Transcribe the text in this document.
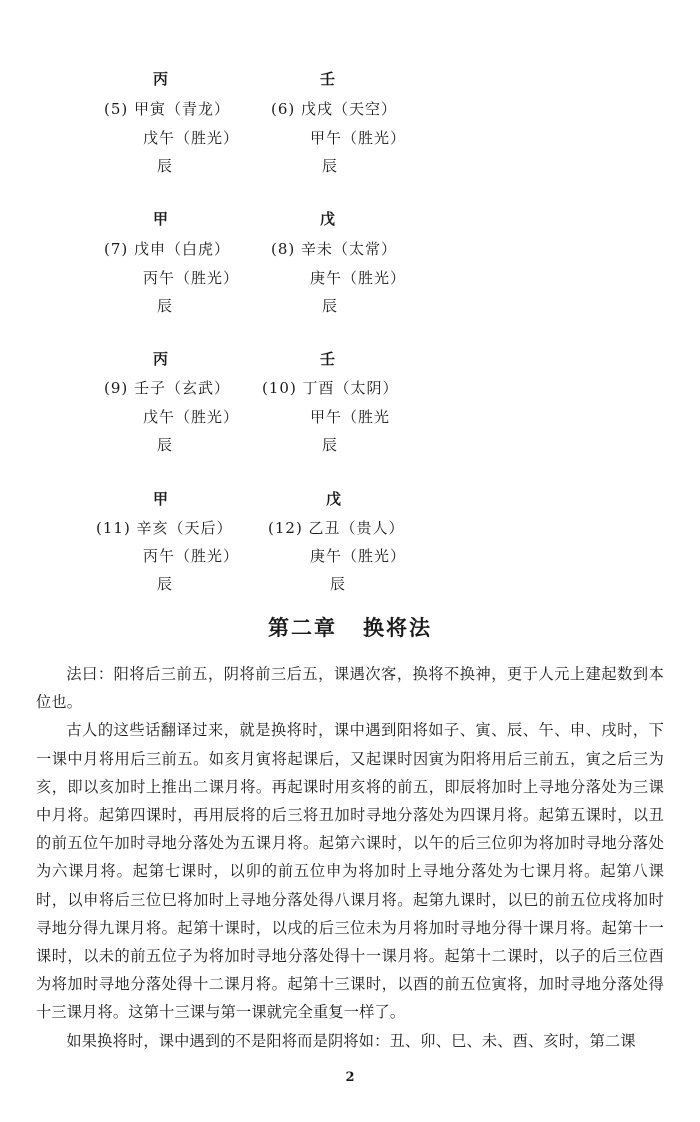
丙
(5) 甲寅（青龙）
戊午（胜光）
辰
壬
(6) 戊戌（天空）
甲午（胜光）
辰
甲
(7) 戊申（白虎）
丙午（胜光）
辰
戊
(8) 辛未（太常）
庚午（胜光）
辰
丙
(9) 壬子（玄武）
戊午（胜光）
辰
壬
(10) 丁酉（太阴）
甲午（胜光
辰
甲
(11) 辛亥（天后）
丙午（胜光）
辰
戊
(12) 乙丑（贵人）
庚午（胜光）
辰
第二章 换将法

法曰：阳将后三前五，阴将前三后五，课遇次客，换将不换神，更于人元上建起数到本位也。

古人的这些话翻译过来，就是换将时，课中遇到阳将如子、寅、辰、午、申、戌时，下一课中月将用后三前五。如亥月寅将起课后，又起课时因寅为阳将用后三前五，寅之后三为亥，即以亥加时上推出二课月将。再起课时用亥将的前五，即辰将加时上寻地分落处为三课中月将。起第四课时，再用辰将的后三将丑加时寻地分落处为四课月将。起第五课时，以丑的前五位午加时寻地分落处为五课月将。起第六课时，以午的后三位卯为将加时寻地分落处为六课月将。起第七课时，以卯的前五位申为将加时上寻地分落处为七课月将。起第八课时，以申将后三位巳将加时上寻地分落处得八课月将。起第九课时，以巳的前五位戌将加时寻地分得九课月将。起第十课时，以戌的后三位未为月将加时寻地分得十课月将。起第十一课时，以未的前五位子为将加时寻地分落处得十一课月将。起第十二课时，以子的后三位酉为将加时寻地分落处得十二课月将。起第十三课时，以酉的前五位寅将，加时寻地分落处得十三课月将。这第十三课与第一课就完全重复一样了。

如果换将时，课中遇到的不是阳将而是阴将如：丑、卯、巳、未、酉、亥时，第二课

2
